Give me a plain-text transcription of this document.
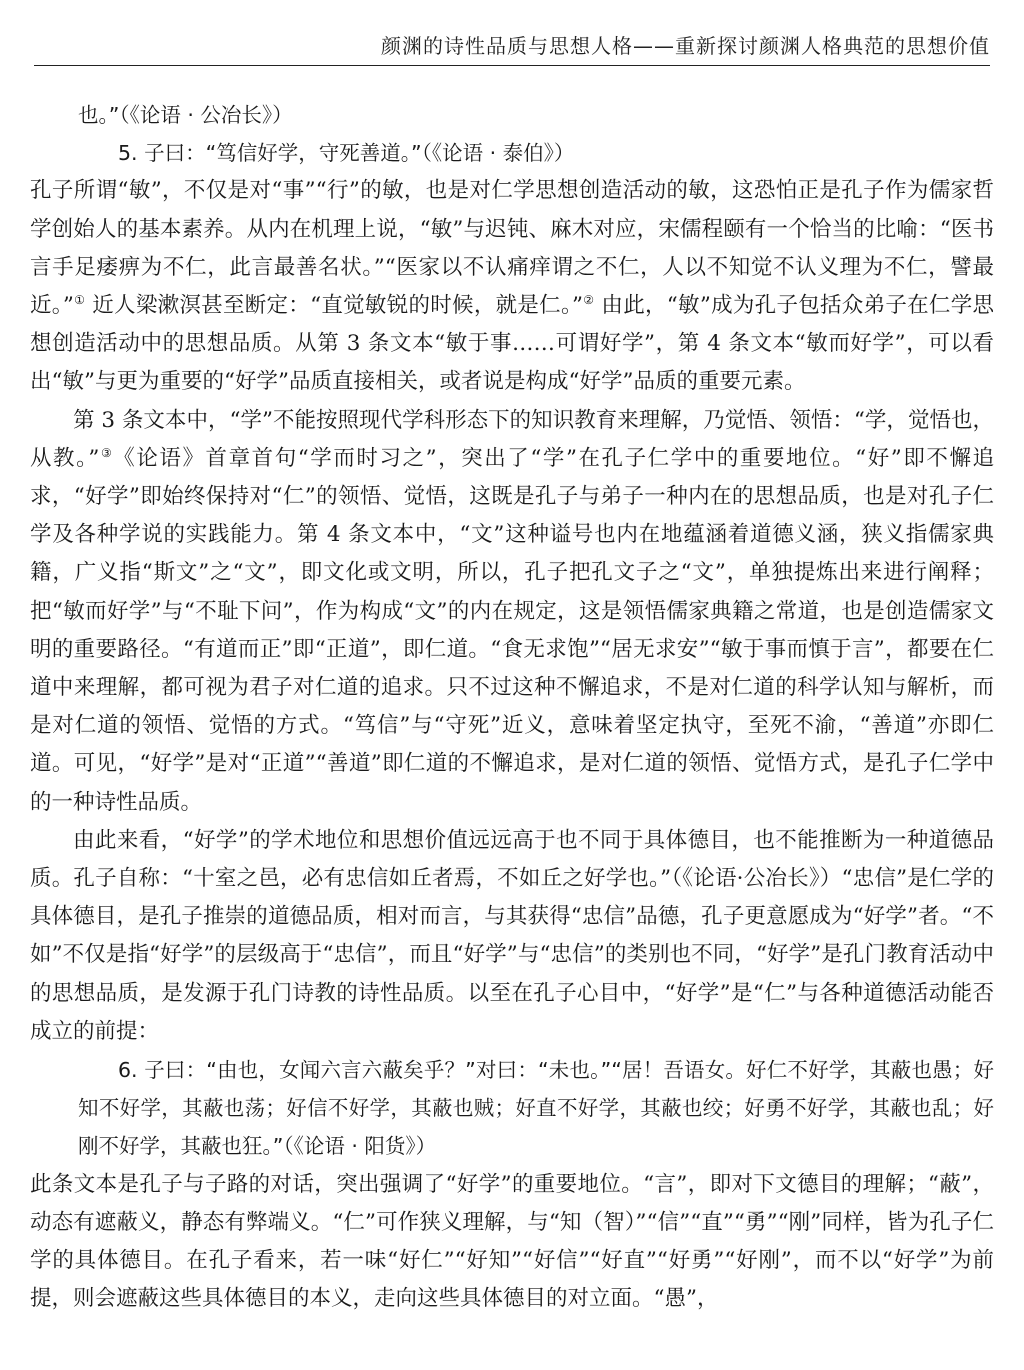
颜渊的诗性品质与思想人格——重新探讨颜渊人格典范的思想价值

也。”（《论语 · 公冶长》）

5. 子曰：“笃信好学，守死善道。”（《论语 · 泰伯》）

孔子所谓“敏”，不仅是对“事”“行”的敏，也是对仁学思想创造活动的敏，这恐怕正是孔子作为儒家哲学创始人的基本素养。从内在机理上说，“敏”与迟钝、麻木对应，宋儒程颐有一个恰当的比喻：“医书言手足痿痹为不仁，此言最善名状。”“医家以不认痛痒谓之不仁，人以不知觉不认义理为不仁，譬最近。”① 近人梁漱溟甚至断定：“直觉敏锐的时候，就是仁。”② 由此，“敏”成为孔子包括众弟子在仁学思想创造活动中的思想品质。从第 3 条文本“敏于事……可谓好学”，第 4 条文本“敏而好学”，可以看出“敏”与更为重要的“好学”品质直接相关，或者说是构成“好学”品质的重要元素。

第 3 条文本中，“学”不能按照现代学科形态下的知识教育来理解，乃觉悟、领悟：“学，觉悟也，从教。”③《论语》首章首句“学而时习之”，突出了“学”在孔子仁学中的重要地位。“好”即不懈追求，“好学”即始终保持对“仁”的领悟、觉悟，这既是孔子与弟子一种内在的思想品质，也是对孔子仁学及各种学说的实践能力。第 4 条文本中，“文”这种谥号也内在地蕴涵着道德义涵，狭义指儒家典籍，广义指“斯文”之“文”，即文化或文明，所以，孔子把孔文子之“文”，单独提炼出来进行阐释；把“敏而好学”与“不耻下问”，作为构成“文”的内在规定，这是领悟儒家典籍之常道，也是创造儒家文明的重要路径。“有道而正”即“正道”，即仁道。“食无求饱”“居无求安”“敏于事而慎于言”，都要在仁道中来理解，都可视为君子对仁道的追求。只不过这种不懈追求，不是对仁道的科学认知与解析，而是对仁道的领悟、觉悟的方式。“笃信”与“守死”近义，意味着坚定执守，至死不渝，“善道”亦即仁道。可见，“好学”是对“正道”“善道”即仁道的不懈追求，是对仁道的领悟、觉悟方式，是孔子仁学中的一种诗性品质。

由此来看，“好学”的学术地位和思想价值远远高于也不同于具体德目，也不能推断为一种道德品质。孔子自称：“十室之邑，必有忠信如丘者焉，不如丘之好学也。”（《论语·公冶长》）“忠信”是仁学的具体德目，是孔子推崇的道德品质，相对而言，与其获得“忠信”品德，孔子更意愿成为“好学”者。“不如”不仅是指“好学”的层级高于“忠信”，而且“好学”与“忠信”的类别也不同，“好学”是孔门教育活动中的思想品质，是发源于孔门诗教的诗性品质。以至在孔子心目中，“好学”是“仁”与各种道德活动能否成立的前提：

6. 子曰：“由也，女闻六言六蔽矣乎？”对曰：“未也。”“居！吾语女。好仁不好学，其蔽也愚；好知不好学，其蔽也荡；好信不好学，其蔽也贼；好直不好学，其蔽也绞；好勇不好学，其蔽也乱；好刚不好学，其蔽也狂。”（《论语 · 阳货》）

此条文本是孔子与子路的对话，突出强调了“好学”的重要地位。“言”，即对下文德目的理解；“蔽”，动态有遮蔽义，静态有弊端义。“仁”可作狭义理解，与“知（智）”“信”“直”“勇”“刚”同样，皆为孔子仁学的具体德目。在孔子看来，若一味“好仁”“好知”“好信”“好直”“好勇”“好刚”，而不以“好学”为前提，则会遮蔽这些具体德目的本义，走向这些具体德目的对立面。“愚”，
